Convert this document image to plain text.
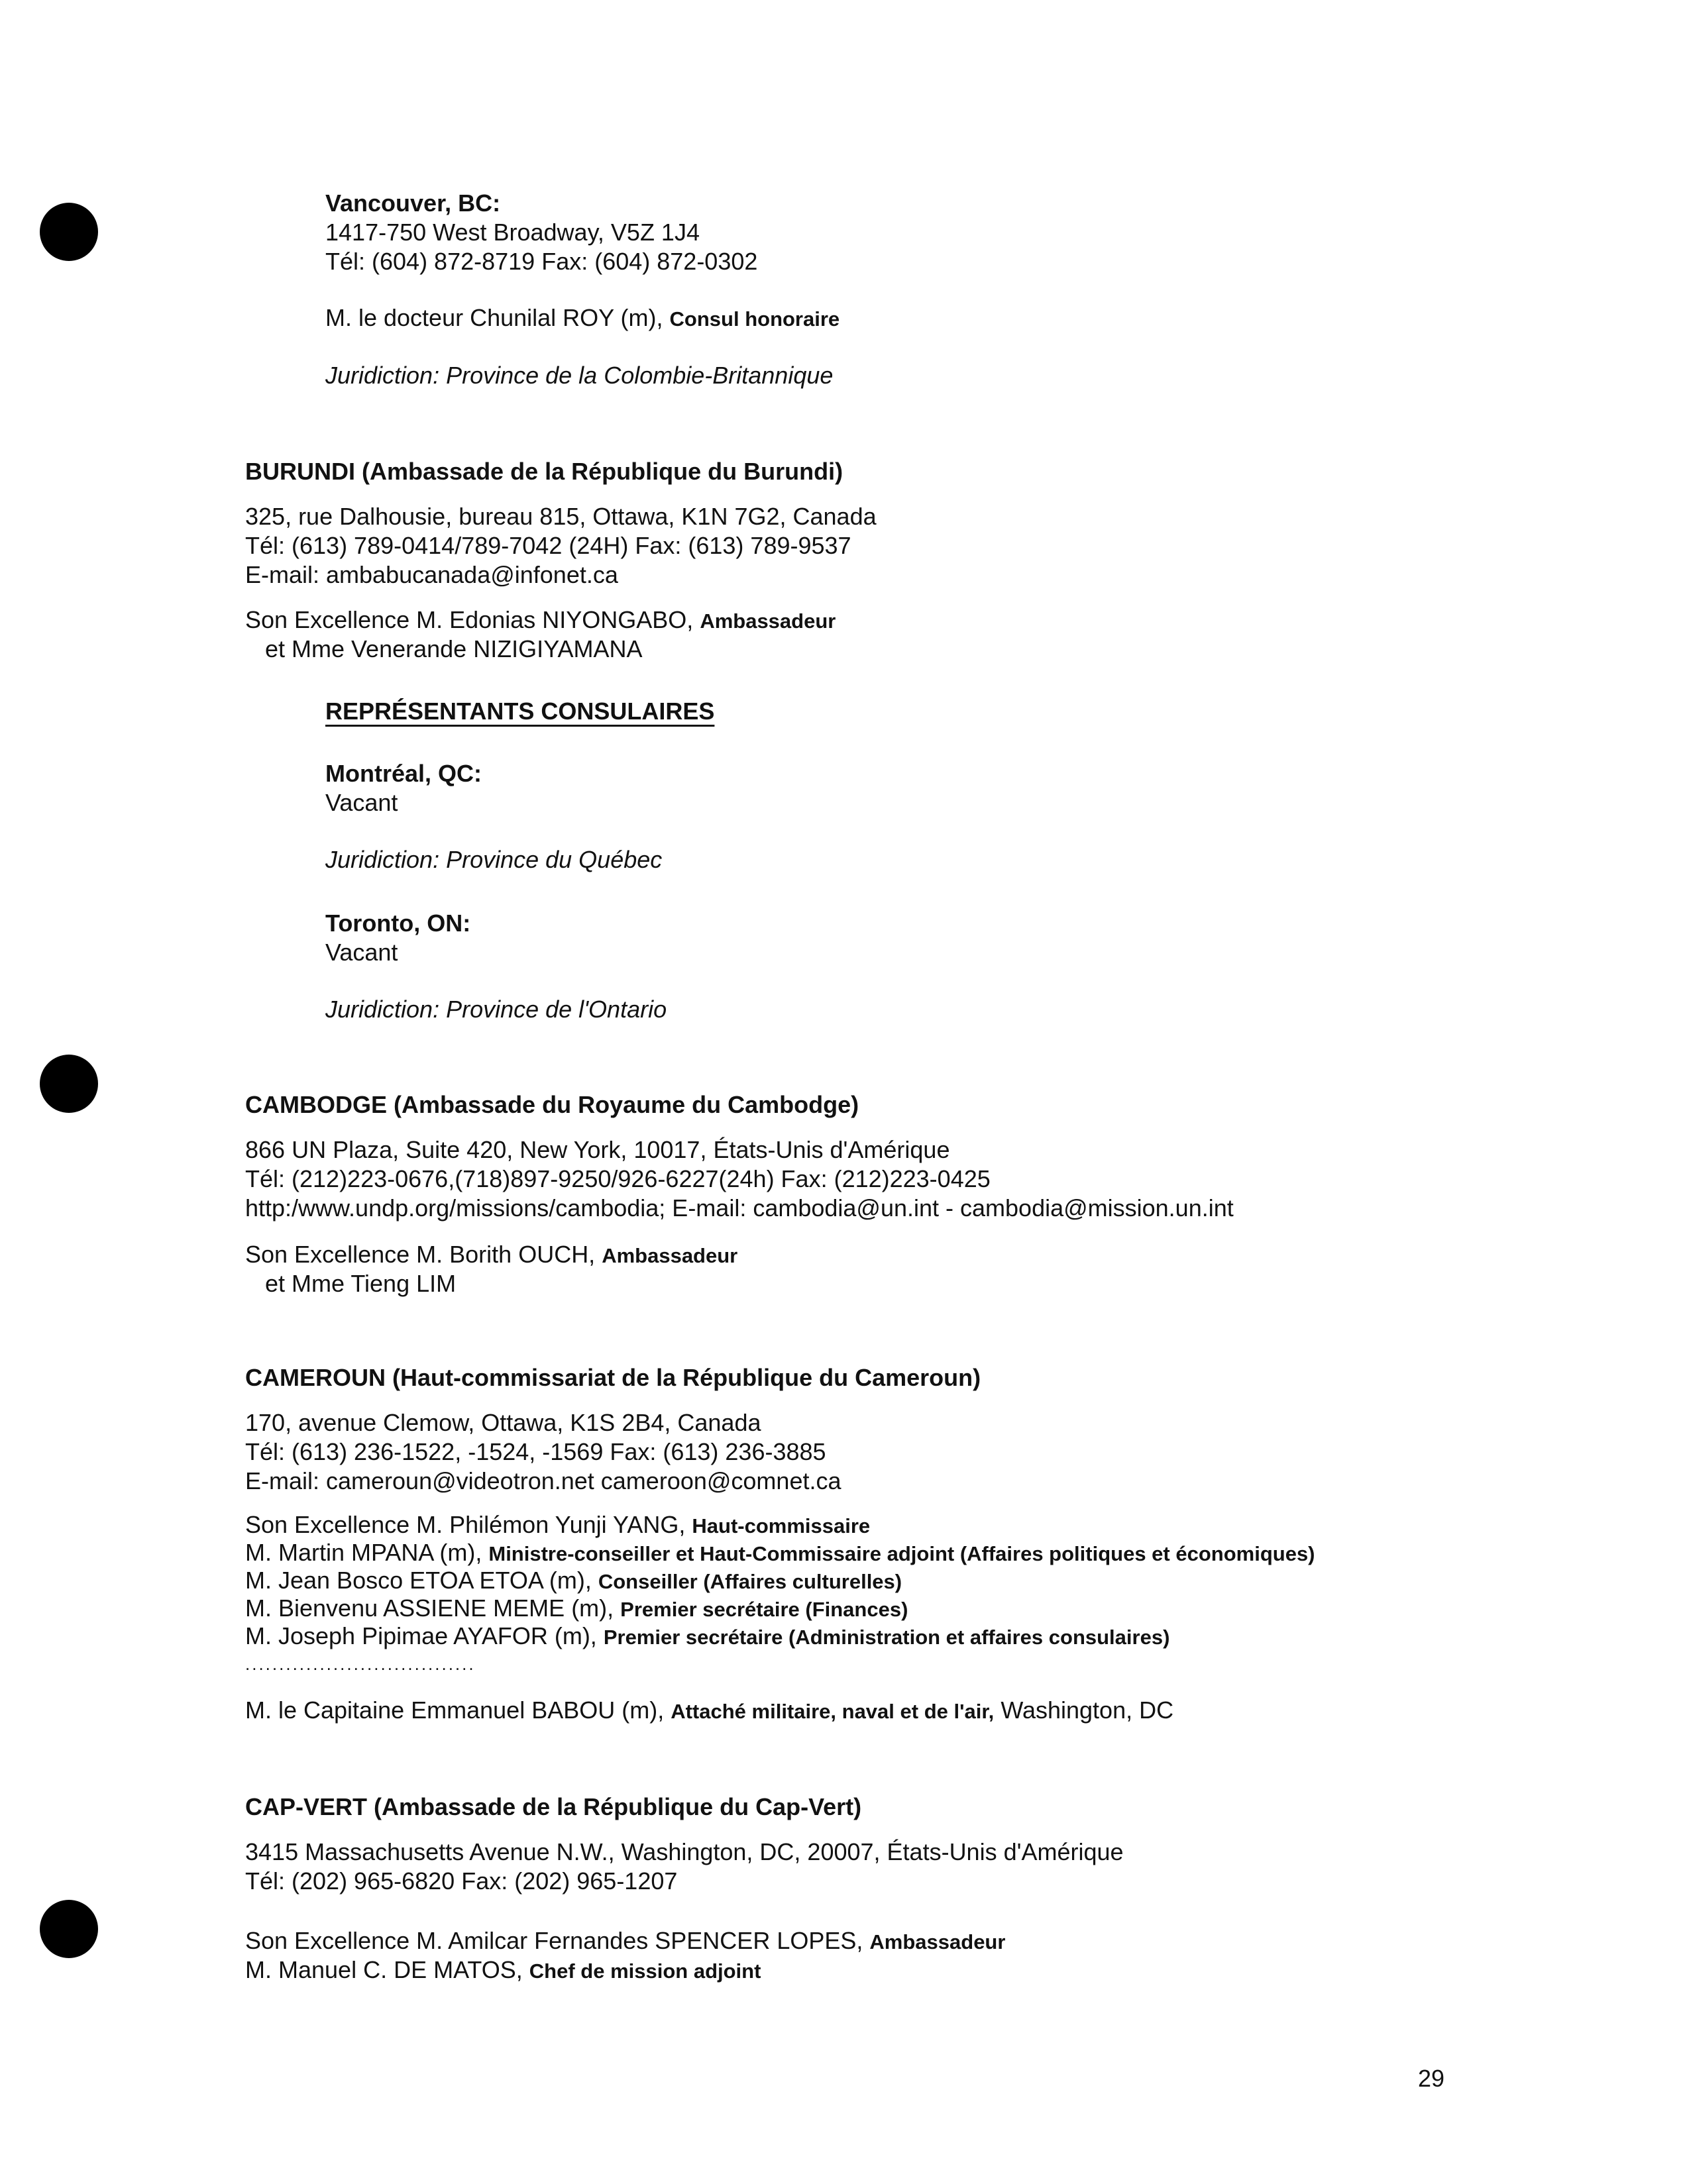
Vancouver, BC:
1417-750 West Broadway, V5Z 1J4
Tél: (604) 872-8719 Fax: (604) 872-0302
M. le docteur Chunilal ROY (m), Consul honoraire
Juridiction: Province de la Colombie-Britannique
BURUNDI (Ambassade de la République du Burundi)
325, rue Dalhousie, bureau 815, Ottawa, K1N 7G2, Canada
Tél: (613) 789-0414/789-7042 (24H) Fax: (613) 789-9537
E-mail: ambabucanada@infonet.ca
Son Excellence M. Edonias NIYONGABO, Ambassadeur
et Mme Venerande NIZIGIYAMANA
REPRÉSENTANTS CONSULAIRES
Montréal, QC:
Vacant
Juridiction: Province du Québec
Toronto, ON:
Vacant
Juridiction: Province de l'Ontario
CAMBODGE (Ambassade du Royaume du Cambodge)
866 UN Plaza, Suite 420, New York, 10017, États-Unis d'Amérique
Tél: (212)223-0676,(718)897-9250/926-6227(24h) Fax: (212)223-0425
http:/www.undp.org/missions/cambodia; E-mail: cambodia@un.int - cambodia@mission.un.int
Son Excellence M. Borith OUCH, Ambassadeur
et Mme Tieng LIM
CAMEROUN (Haut-commissariat de la République du Cameroun)
170, avenue Clemow, Ottawa, K1S 2B4, Canada
Tél: (613) 236-1522, -1524, -1569 Fax: (613) 236-3885
E-mail: cameroun@videotron.net cameroon@comnet.ca
Son Excellence M. Philémon Yunji YANG, Haut-commissaire
M. Martin MPANA (m), Ministre-conseiller et Haut-Commissaire adjoint (Affaires politiques et économiques)
M. Jean Bosco ETOA ETOA (m), Conseiller (Affaires culturelles)
M. Bienvenu ASSIENE MEME (m), Premier secrétaire (Finances)
M. Joseph Pipimae AYAFOR (m), Premier secrétaire (Administration et affaires consulaires)
..................................
M. le Capitaine Emmanuel BABOU (m), Attaché militaire, naval et de l'air, Washington, DC
CAP-VERT (Ambassade de la République du Cap-Vert)
3415 Massachusetts Avenue N.W., Washington, DC, 20007, États-Unis d'Amérique
Tél: (202) 965-6820 Fax: (202) 965-1207
Son Excellence M. Amilcar Fernandes SPENCER LOPES, Ambassadeur
M. Manuel C. DE MATOS, Chef de mission adjoint
29
